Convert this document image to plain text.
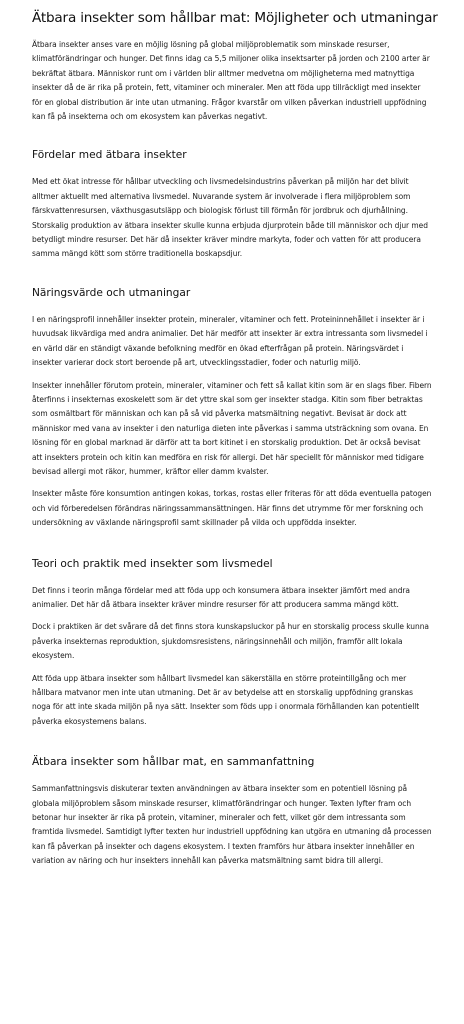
Ätbara insekter som hållbar mat: Möjligheter och utmaningar

Ätbara insekter anses vare en möjlig lösning på global miljöproblematik som minskade resurser, klimatförändringar och hunger. Det finns idag ca 5,5 miljoner olika insektsarter på jorden och 2100 arter är bekräftat ätbara. Människor runt om i världen blir alltmer medvetna om möjligheterna med matnyttiga insekter då de är rika på protein, fett, vitaminer och mineraler. Men att föda upp tillräckligt med insekter för en global distribution är inte utan utmaning. Frågor kvarstår om vilken påverkan industriell uppfödning kan få på insekterna och om ekosystem kan påverkas negativt.

Fördelar med ätbara insekter

Med ett ökat intresse för hållbar utveckling och livsmedelsindustrins påverkan på miljön har det blivit alltmer aktuellt med alternativa livsmedel. Nuvarande system är involverade i flera miljöproblem som färskvattenresursen, växthusgasutsläpp och biologisk förlust till förmån för jordbruk och djurhållning. Storskalig produktion av ätbara insekter skulle kunna erbjuda djurprotein både till människor och djur med betydligt mindre resurser. Det här då insekter kräver mindre markyta, foder och vatten för att producera samma mängd kött som större traditionella boskapsdjur.

Näringsvärde och utmaningar

I en näringsprofil innehåller insekter protein, mineraler, vitaminer och fett. Proteininnehållet i insekter är i huvudsak likvärdiga med andra animalier. Det här medför att insekter är extra intressanta som livsmedel i en värld där en ständigt växande befolkning medför en ökad efterfrågan på protein. Näringsvärdet i insekter varierar dock stort beroende på art, utvecklingsstadier, foder och naturlig miljö.

Insekter innehåller förutom protein, mineraler, vitaminer och fett så kallat kitin som är en slags fiber. Fibern återfinns i insekternas exoskelett som är det yttre skal som ger insekter stadga. Kitin som fiber betraktas som osmältbart för människan och kan på så vid påverka matsmältning negativt. Bevisat är dock att människor med vana av insekter i den naturliga dieten inte påverkas i samma utsträckning som ovana. En lösning för en global marknad är därför att ta bort kitinet i en storskalig produktion. Det är också bevisat att insekters protein och kitin kan medföra en risk för allergi. Det här speciellt för människor med tidigare bevisad allergi mot räkor, hummer, kräftor eller damm kvalster.

Insekter måste före konsumtion antingen kokas, torkas, rostas eller friteras för att döda eventuella patogen och vid förberedelsen förändras näringssammansättningen. Här finns det utrymme för mer forskning och undersökning av växlande näringsprofil samt skillnader på vilda och uppfödda insekter.

Teori och praktik med insekter som livsmedel

Det finns i teorin många fördelar med att föda upp och konsumera ätbara insekter jämfört med andra animalier. Det här då ätbara insekter kräver mindre resurser för att producera samma mängd kött.

Dock i praktiken är det svårare då det finns stora kunskapsluckor på hur en storskalig process skulle kunna påverka insekternas reproduktion, sjukdomsresistens, näringsinnehåll och miljön, framför allt lokala ekosystem.

Att föda upp ätbara insekter som hållbart livsmedel kan säkerställa en större proteintillgång och mer hållbara matvanor men inte utan utmaning. Det är av betydelse att en storskalig uppfödning granskas noga för att inte skada miljön på nya sätt. Insekter som föds upp i onormala förhållanden kan potentiellt påverka ekosystemens balans.

Ätbara insekter som hållbar mat, en sammanfattning

Sammanfattningsvis diskuterar texten användningen av ätbara insekter som en potentiell lösning på globala miljöproblem såsom minskade resurser, klimatförändringar och hunger. Texten lyfter fram och betonar hur insekter är rika på protein, vitaminer, mineraler och fett, vilket gör dem intressanta som framtida livsmedel. Samtidigt lyfter texten hur industriell uppfödning kan utgöra en utmaning då processen kan få påverkan på insekter och dagens ekosystem. I texten framförs hur ätbara insekter innehåller en variation av näring och hur insekters innehåll kan påverka matsmältning samt bidra till allergi.
